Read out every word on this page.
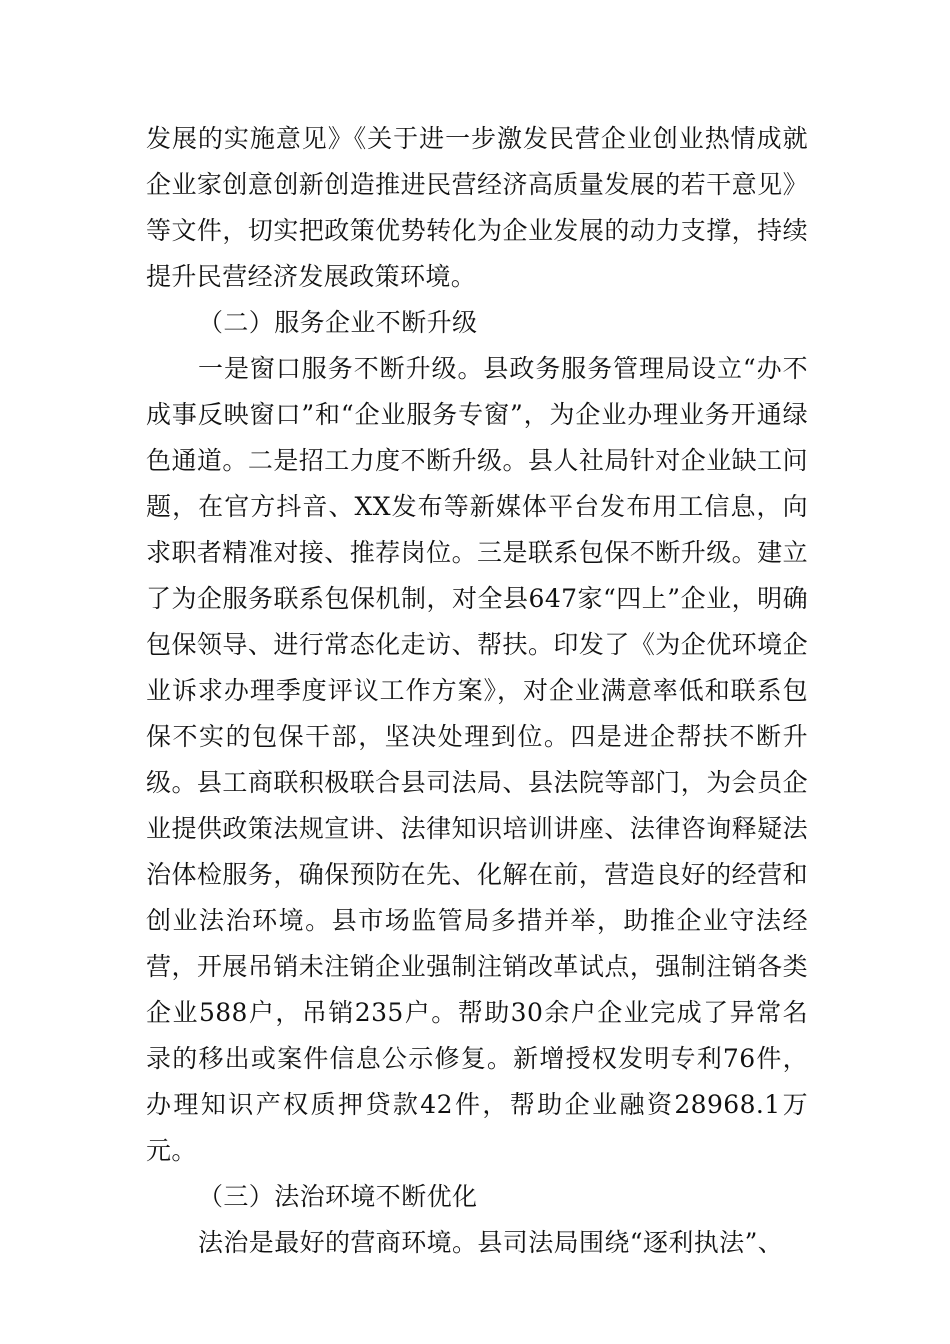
发展的实施意见》《关于进一步激发民营企业创业热情成就企业家创意创新创造推进民营经济高质量发展的若干意见》等文件，切实把政策优势转化为企业发展的动力支撑，持续提升民营经济发展政策环境。

（二）服务企业不断升级

一是窗口服务不断升级。县政务服务管理局设立“办不成事反映窗口”和“企业服务专窗”，为企业办理业务开通绿色通道。二是招工力度不断升级。县人社局针对企业缺工问题，在官方抖音、XX发布等新媒体平台发布用工信息，向求职者精准对接、推荐岗位。三是联系包保不断升级。建立了为企服务联系包保机制，对全县647家“四上”企业，明确包保领导、进行常态化走访、帮扶。印发了《为企优环境企业诉求办理季度评议工作方案》，对企业满意率低和联系包保不实的包保干部，坚决处理到位。四是进企帮扶不断升级。县工商联积极联合县司法局、县法院等部门，为会员企业提供政策法规宣讲、法律知识培训讲座、法律咨询释疑法治体检服务，确保预防在先、化解在前，营造良好的经营和创业法治环境。县市场监管局多措并举，助推企业守法经营，开展吊销未注销企业强制注销改革试点，强制注销各类企业588户，吊销235户。帮助30余户企业完成了异常名录的移出或案件信息公示修复。新增授权发明专利76件，办理知识产权质押贷款42件，帮助企业融资28968.1万元。

（三）法治环境不断优化

法治是最好的营商环境。县司法局围绕“逐利执法”、
